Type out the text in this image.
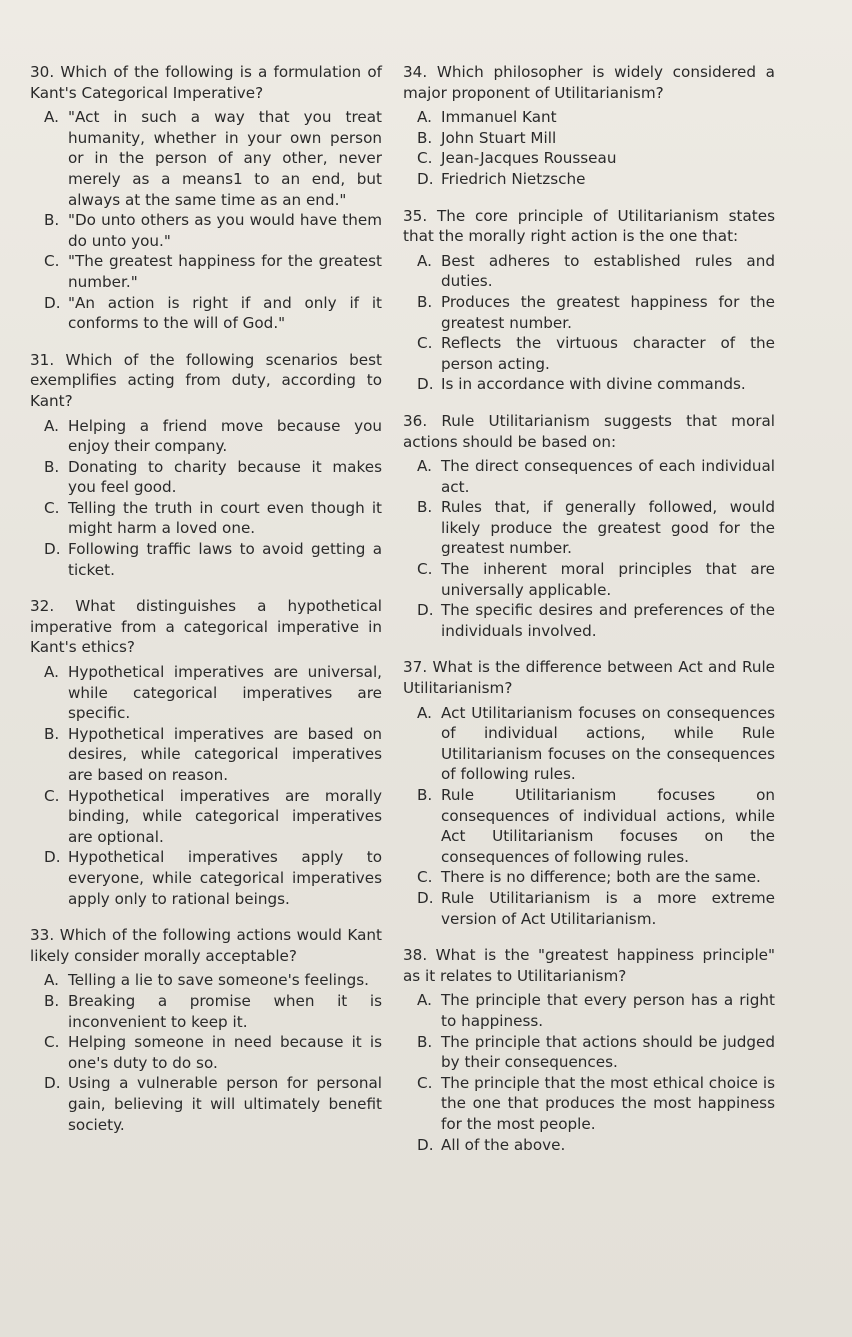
30. Which of the following is a formulation of Kant's Categorical Imperative?
A. "Act in such a way that you treat humanity, whether in your own person or in the person of any other, never merely as a means1 to an end, but always at the same time as an end."
B. "Do unto others as you would have them do unto you."
C. "The greatest happiness for the greatest number."
D. "An action is right if and only if it conforms to the will of God."
31. Which of the following scenarios best exemplifies acting from duty, according to Kant?
A. Helping a friend move because you enjoy their company.
B. Donating to charity because it makes you feel good.
C. Telling the truth in court even though it might harm a loved one.
D. Following traffic laws to avoid getting a ticket.
32. What distinguishes a hypothetical imperative from a categorical imperative in Kant's ethics?
A. Hypothetical imperatives are universal, while categorical imperatives are specific.
B. Hypothetical imperatives are based on desires, while categorical imperatives are based on reason.
C. Hypothetical imperatives are morally binding, while categorical imperatives are optional.
D. Hypothetical imperatives apply to everyone, while categorical imperatives apply only to rational beings.
33. Which of the following actions would Kant likely consider morally acceptable?
A. Telling a lie to save someone's feelings.
B. Breaking a promise when it is inconvenient to keep it.
C. Helping someone in need because it is one's duty to do so.
D. Using a vulnerable person for personal gain, believing it will ultimately benefit society.
34. Which philosopher is widely considered a major proponent of Utilitarianism?
A. Immanuel Kant
B. John Stuart Mill
C. Jean-Jacques Rousseau
D. Friedrich Nietzsche
35. The core principle of Utilitarianism states that the morally right action is the one that:
A. Best adheres to established rules and duties.
B. Produces the greatest happiness for the greatest number.
C. Reflects the virtuous character of the person acting.
D. Is in accordance with divine commands.
36. Rule Utilitarianism suggests that moral actions should be based on:
A. The direct consequences of each individual act.
B. Rules that, if generally followed, would likely produce the greatest good for the greatest number.
C. The inherent moral principles that are universally applicable.
D. The specific desires and preferences of the individuals involved.
37. What is the difference between Act and Rule Utilitarianism?
A. Act Utilitarianism focuses on consequences of individual actions, while Rule Utilitarianism focuses on the consequences of following rules.
B. Rule Utilitarianism focuses on consequences of individual actions, while Act Utilitarianism focuses on the consequences of following rules.
C. There is no difference; both are the same.
D. Rule Utilitarianism is a more extreme version of Act Utilitarianism.
38. What is the "greatest happiness principle" as it relates to Utilitarianism?
A. The principle that every person has a right to happiness.
B. The principle that actions should be judged by their consequences.
C. The principle that the most ethical choice is the one that produces the most happiness for the most people.
D. All of the above.
